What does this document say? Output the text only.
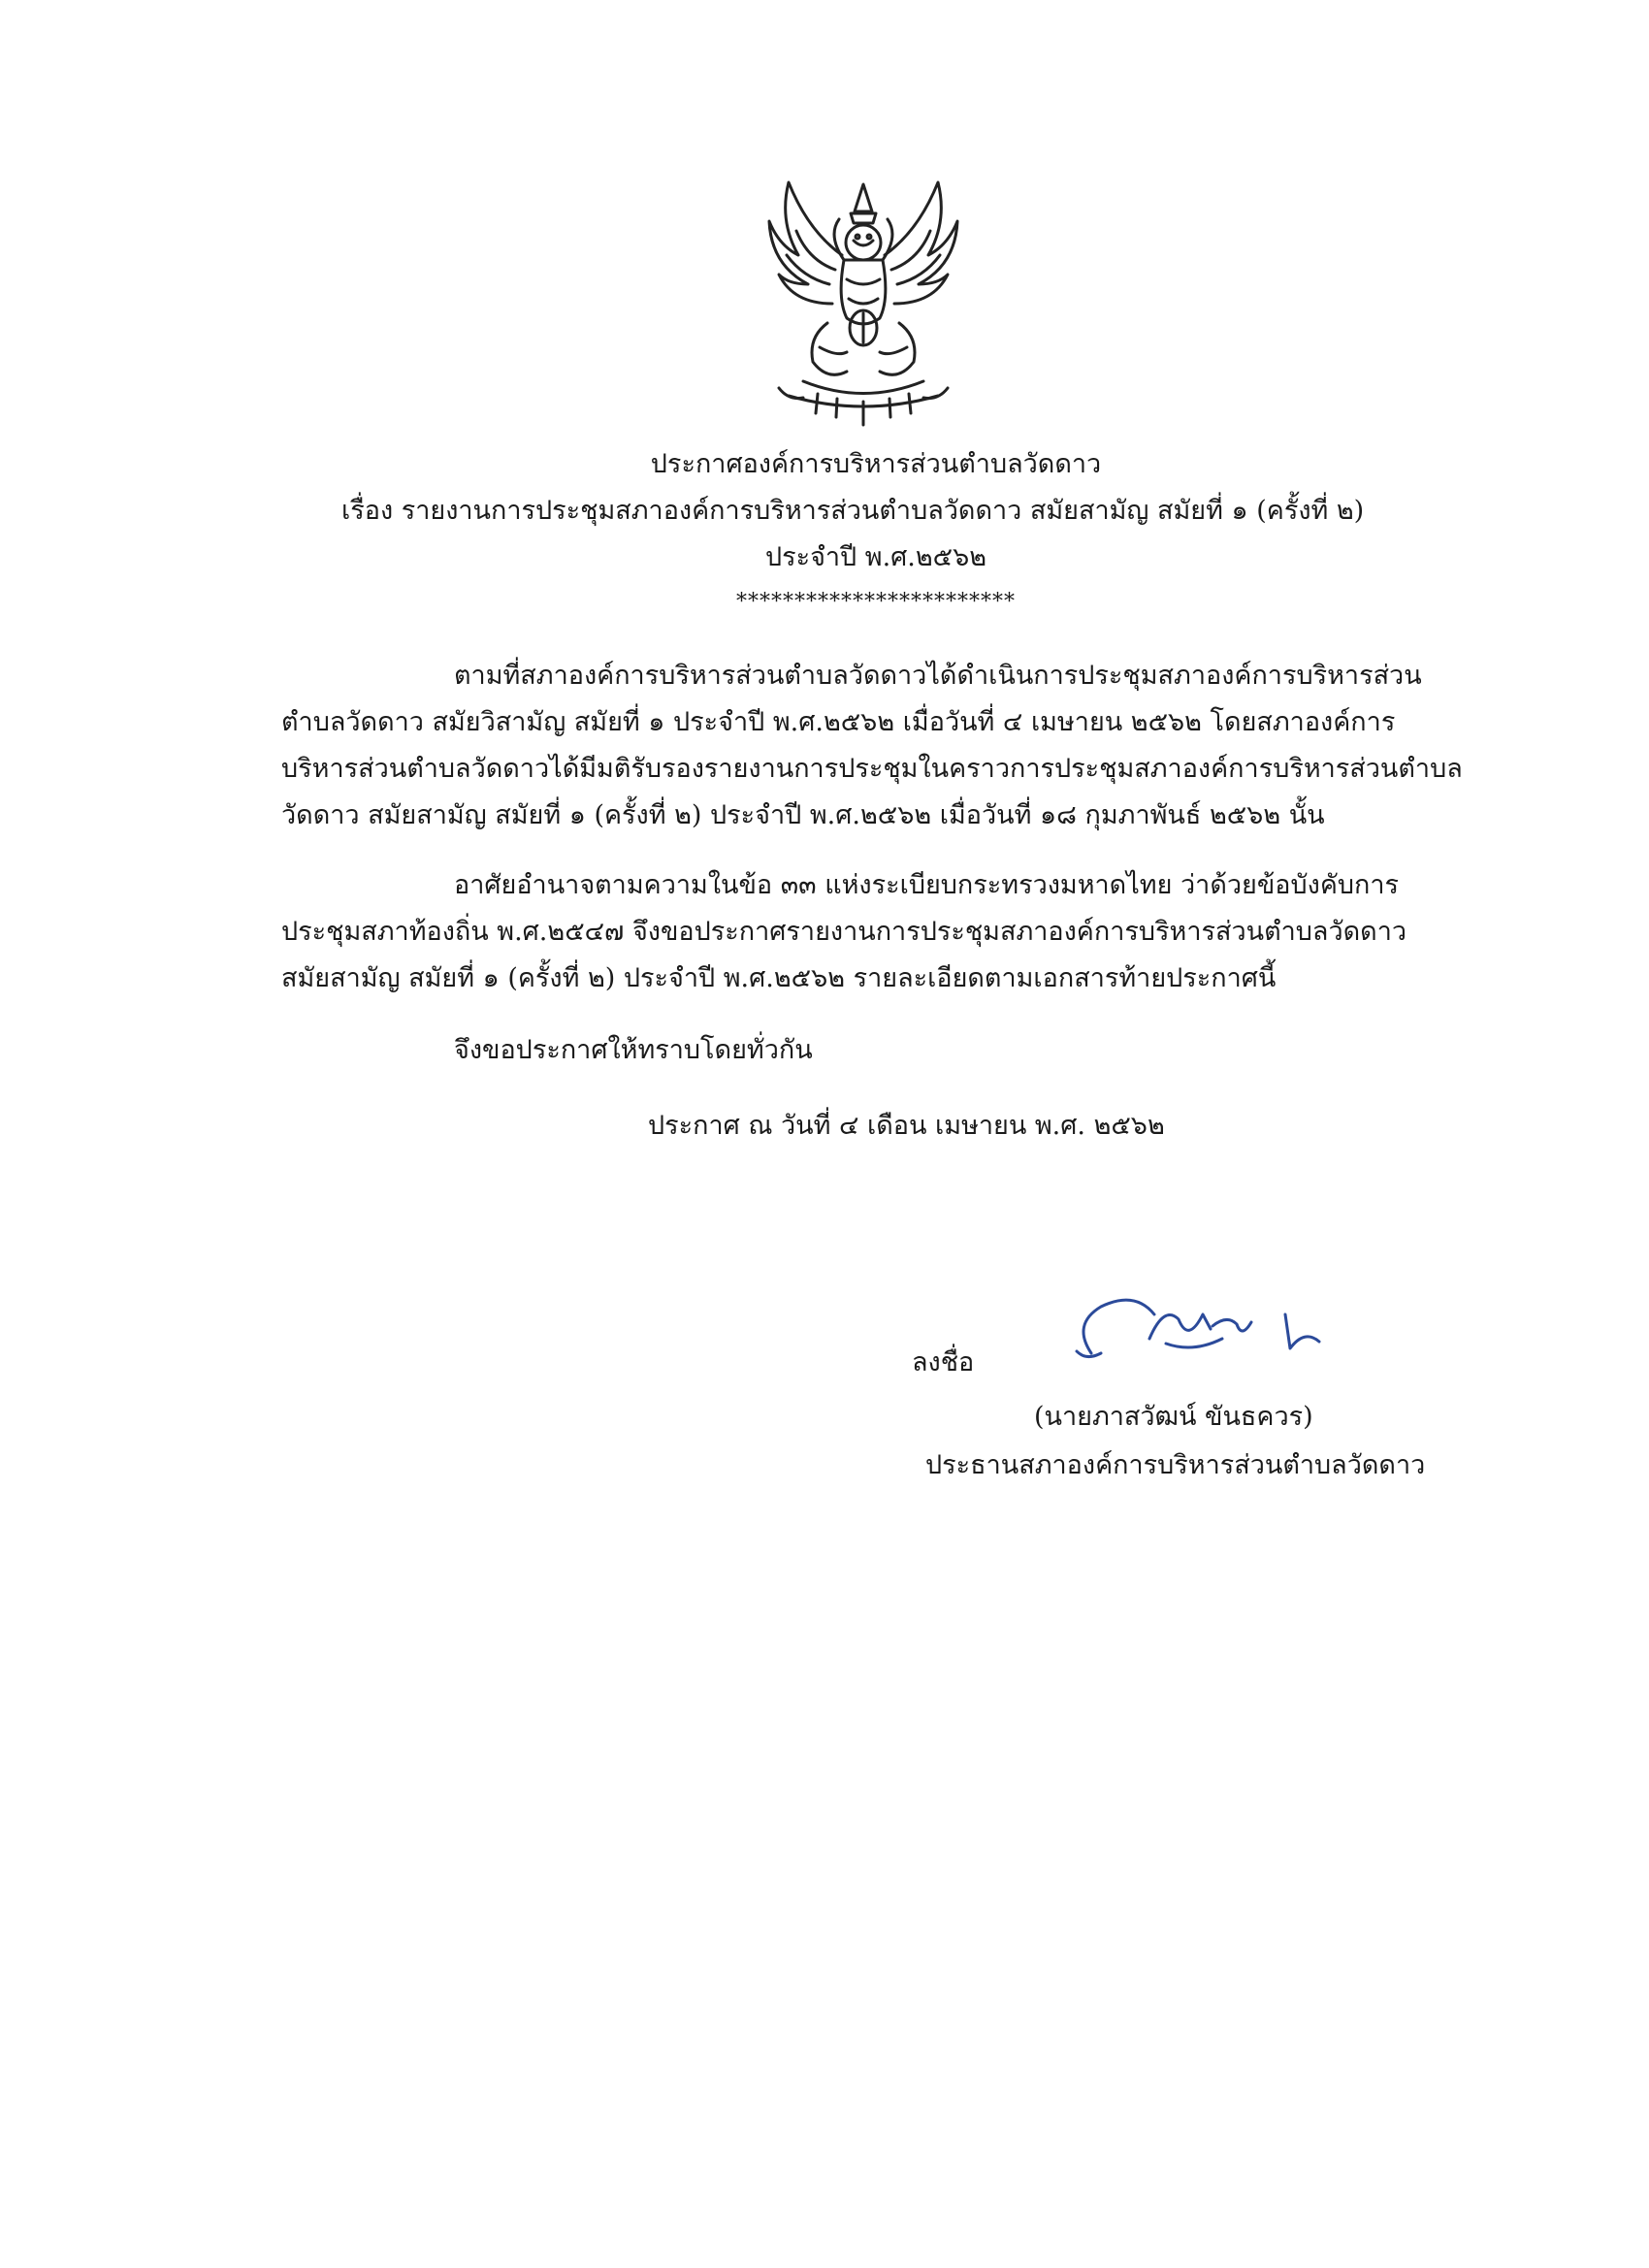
ประกาศองค์การบริหารส่วนตำบลวัดดาว
เรื่อง รายงานการประชุมสภาองค์การบริหารส่วนตำบลวัดดาว สมัยสามัญ สมัยที่ ๑ (ครั้งที่ ๒)
ประจำปี พ.ศ.๒๕๖๒
************************
ตามที่สภาองค์การบริหารส่วนตำบลวัดดาวได้ดำเนินการประชุมสภาองค์การบริหารส่วน
ตำบลวัดดาว สมัยวิสามัญ สมัยที่ ๑ ประจำปี พ.ศ.๒๕๖๒ เมื่อวันที่ ๔ เมษายน ๒๕๖๒ โดยสภาองค์การ
บริหารส่วนตำบลวัดดาวได้มีมติรับรองรายงานการประชุมในคราวการประชุมสภาองค์การบริหารส่วนตำบล
วัดดาว สมัยสามัญ สมัยที่ ๑ (ครั้งที่ ๒) ประจำปี พ.ศ.๒๕๖๒ เมื่อวันที่ ๑๘ กุมภาพันธ์ ๒๕๖๒ นั้น
อาศัยอำนาจตามความในข้อ ๓๓ แห่งระเบียบกระทรวงมหาดไทย ว่าด้วยข้อบังคับการ
ประชุมสภาท้องถิ่น พ.ศ.๒๕๔๗ จึงขอประกาศรายงานการประชุมสภาองค์การบริหารส่วนตำบลวัดดาว
สมัยสามัญ สมัยที่ ๑ (ครั้งที่ ๒) ประจำปี พ.ศ.๒๕๖๒ รายละเอียดตามเอกสารท้ายประกาศนี้
จึงขอประกาศให้ทราบโดยทั่วกัน
ประกาศ ณ วันที่ ๔ เดือน เมษายน พ.ศ. ๒๕๖๒
ลงชื่อ
(นายภาสวัฒน์ ขันธควร)
ประธานสภาองค์การบริหารส่วนตำบลวัดดาว
